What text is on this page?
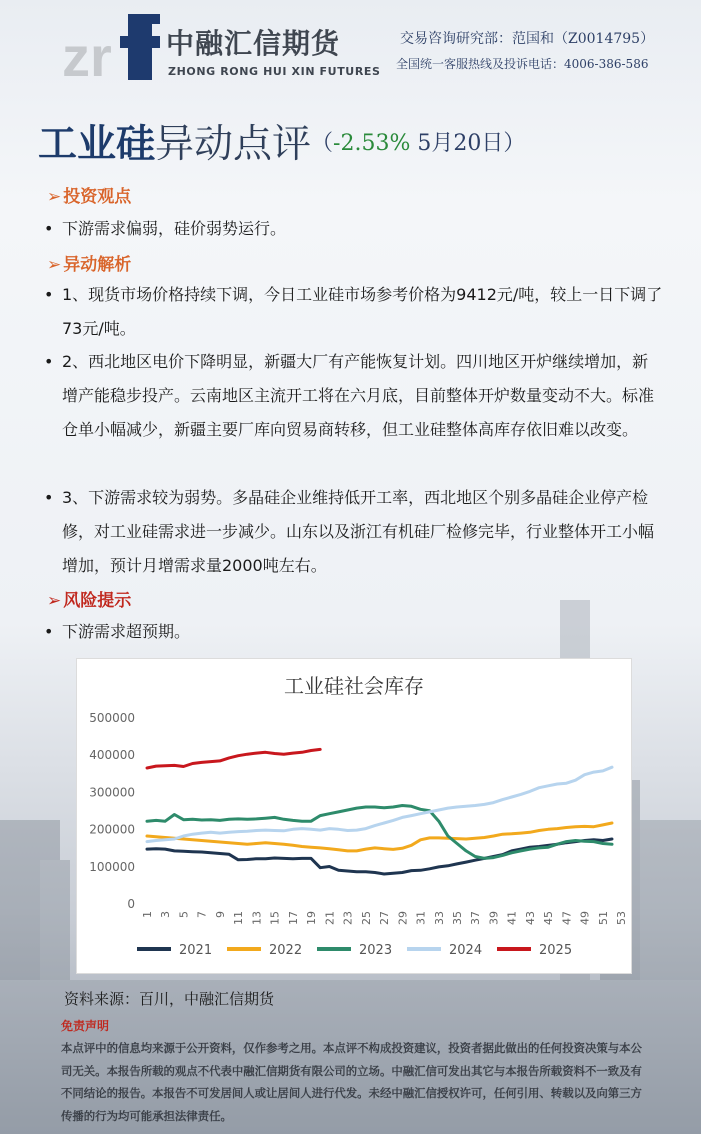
zr 中融汇信期货
ZHONG RONG HUI XIN FUTURES
交易咨询研究部：范国和（Z0014795）
全国统一客服热线及投诉电话：4006-386-586
工业硅异动点评（-2.53% 5月20日）
➢ 投资观点
• 下游需求偏弱，硅价弱势运行。
➢ 异动解析
• 1、现货市场价格持续下调，今日工业硅市场参考价格为9412元/吨，较上一日下调了73元/吨。
• 2、西北地区电价下降明显，新疆大厂有产能恢复计划。四川地区开炉继续增加，新增产能稳步投产。云南地区主流开工将在六月底，目前整体开炉数量变动不大。标准仓单小幅减少，新疆主要厂库向贸易商转移，但工业硅整体高库存依旧难以改变。
• 3、下游需求较为弱势。多晶硅企业维持低开工率，西北地区个别多晶硅企业停产检修，对工业硅需求进一步减少。山东以及浙江有机硅厂检修完毕，行业整体开工小幅增加，预计月增需求量2000吨左右。
➢ 风险提示
• 下游需求超预期。
工业硅社会库存
0
100000
200000
300000
400000
500000
1 3 5 7 9 11 13 15 17 19 21 23 25 27 29 31 33 35 37 39 41 43 45 47 49 51 53
2021	2022	2023	2024	2025
资料来源：百川，中融汇信期货
免责声明
本点评中的信息均来源于公开资料，仅作参考之用。本点评不构成投资建议，投资者据此做出的任何投资决策与本公司无关。本报告所载的观点不代表中融汇信期货有限公司的立场。中融汇信可发出其它与本报告所载资料不一致及有不同结论的报告。本报告不可发居间人或让居间人进行代发。未经中融汇信授权许可，任何引用、转载以及向第三方传播的行为均可能承担法律责任。
